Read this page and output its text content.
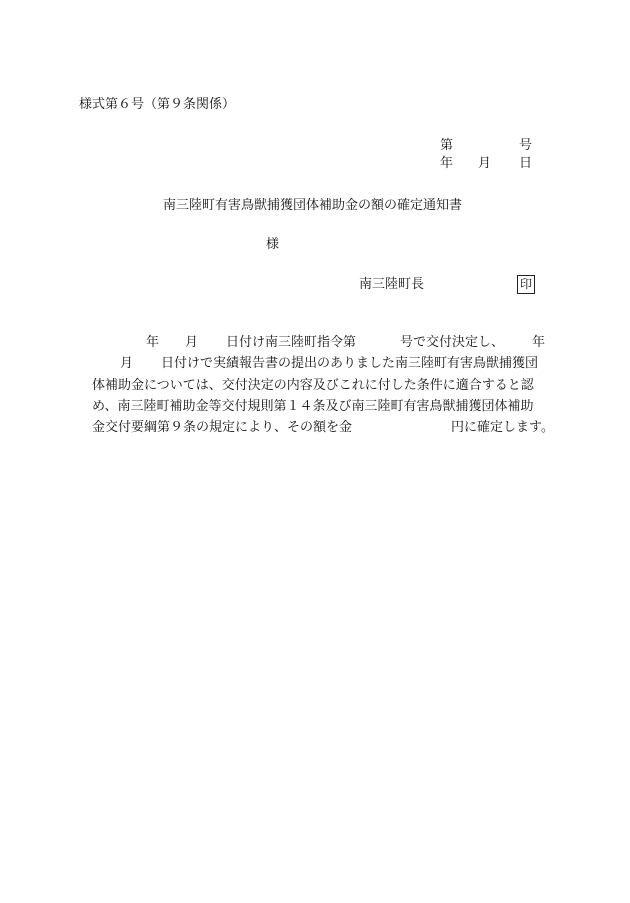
様式第６号（第９条関係）
第	号
年 月 日
南三陸町有害鳥獣捕獲団体補助金の額の確定通知書
様
南三陸町長	印
年 月 日付け南三陸町指令第	号で交付決定し、 年
月 日付けで実績報告書の提出のありました南三陸町有害鳥獣捕獲団
体補助金については、交付決定の内容及びこれに付した条件に適合すると認
め、南三陸町補助金等交付規則第１４条及び南三陸町有害鳥獣捕獲団体補助
金交付要綱第９条の規定により、その額を金	円に確定します。
